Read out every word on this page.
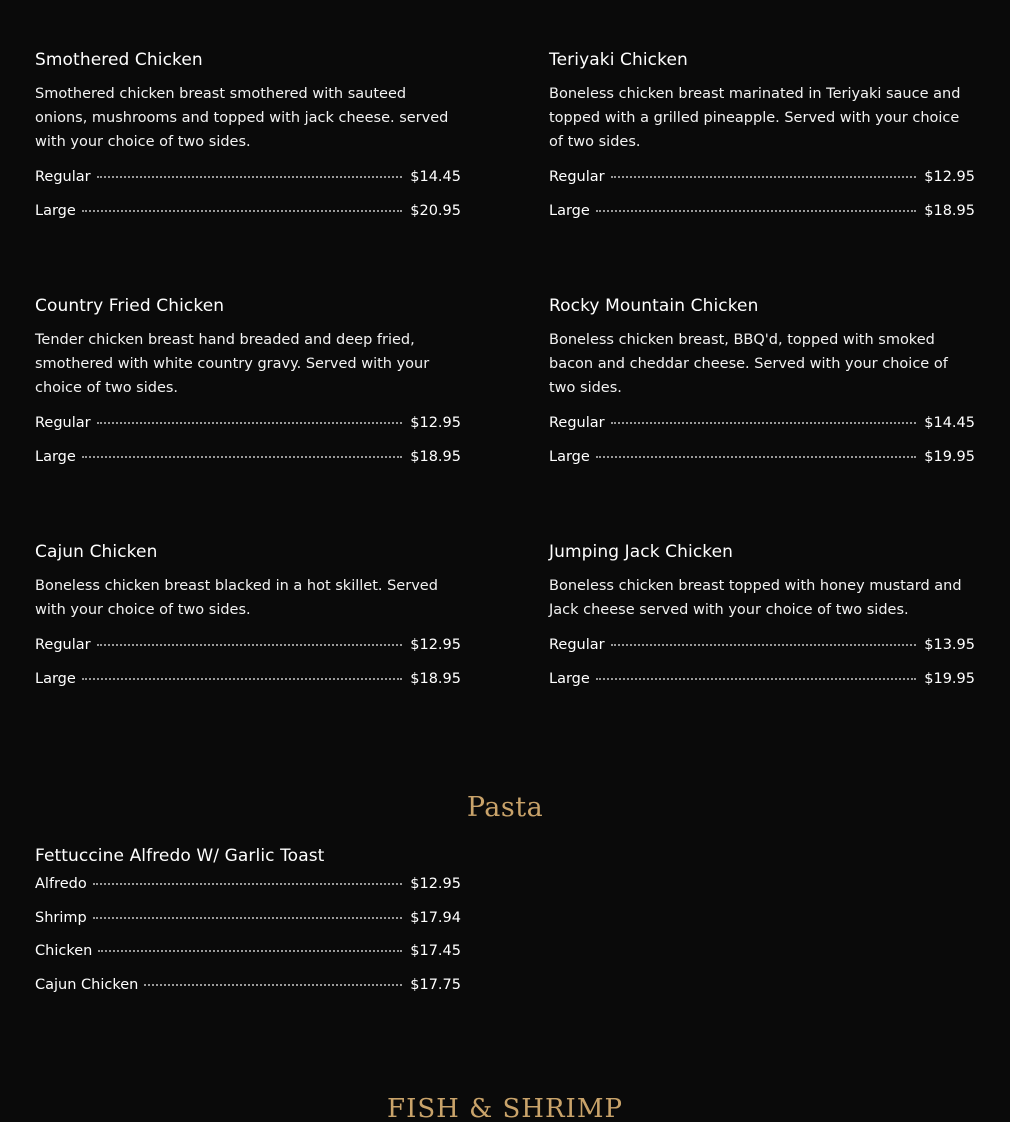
Smothered Chicken
Smothered chicken breast smothered with sauteed onions, mushrooms and topped with jack cheese. served with your choice of two sides.
Regular	$14.45
Large	$20.95
Teriyaki Chicken
Boneless chicken breast marinated in Teriyaki sauce and topped with a grilled pineapple. Served with your choice of two sides.
Regular	$12.95
Large	$18.95
Country Fried Chicken
Tender chicken breast hand breaded and deep fried, smothered with white country gravy. Served with your choice of two sides.
Regular	$12.95
Large	$18.95
Rocky Mountain Chicken
Boneless chicken breast, BBQ'd, topped with smoked bacon and cheddar cheese. Served with your choice of two sides.
Regular	$14.45
Large	$19.95
Cajun Chicken
Boneless chicken breast blacked in a hot skillet. Served with your choice of two sides.
Regular	$12.95
Large	$18.95
Jumping Jack Chicken
Boneless chicken breast topped with honey mustard and Jack cheese served with your choice of two sides.
Regular	$13.95
Large	$19.95
Pasta
Fettuccine Alfredo W/ Garlic Toast
Alfredo	$12.95
Shrimp	$17.94
Chicken	$17.45
Cajun Chicken	$17.75
FISH & SHRIMP
